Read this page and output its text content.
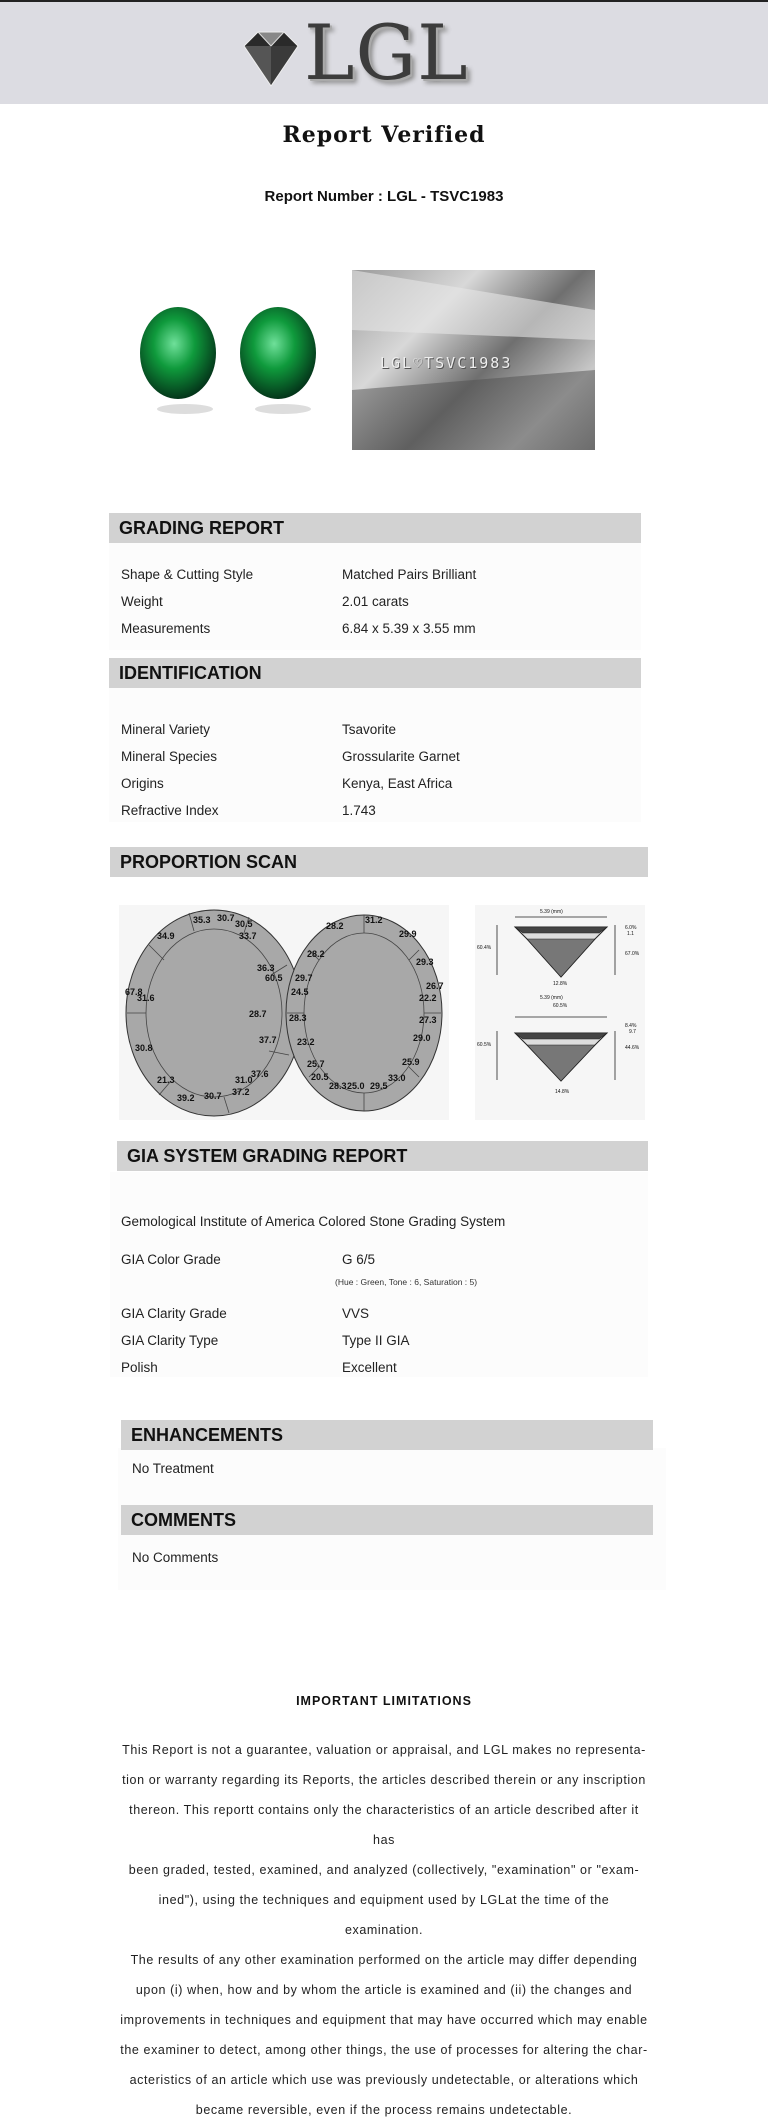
LGL
Report Verified
Report Number : LGL - TSVC1983
LGL♡TSVC1983
GRADING REPORT
Shape & Cutting Style	Matched Pairs Brilliant
Weight	2.01 carats
Measurements	6.84 x 5.39 x 3.55 mm
IDENTIFICATION
Mineral Variety	Tsavorite
Mineral Species	Grossularite Garnet
Origins	Kenya, East Africa
Refractive Index	1.743
PROPORTION SCAN
35.3 30.7
30.5
34.9	33.7
36.3
60.5
67.8
31.6
28.7
37.7
30.8
21.3	31.0
37.6
39.2 30.7 37.2
28.2
31.2
29.9
28.2
29.3
29.7
26.7
24.5
22.2
28.3	27.3
23.2	29.0
25.7	25.9
20.5	33.0
28.3 25.0 29.5
5.39 (mm)
60.4%
6.0%
1.1
67.0%
12.8%
5.39 (mm)
60.5%
60.5%
8.4%
9.7
44.6%
14.8%
GIA SYSTEM GRADING REPORT
Gemological Institute of America Colored Stone Grading System
GIA Color Grade	G 6/5
(Hue : Green, Tone : 6, Saturation : 5)
GIA Clarity Grade	VVS
GIA Clarity Type	Type II GIA
Polish	Excellent
ENHANCEMENTS
No Treatment
COMMENTS
No Comments
IMPORTANT LIMITATIONS
This Report is not a guarantee, valuation or appraisal, and LGL makes no representa-
tion or warranty regarding its Reports, the articles described therein or any inscription
thereon. This reportt contains only the characteristics of an article described after it has
been graded, tested, examined, and analyzed (collectively, "examination" or "exam-
ined"), using the techniques and equipment used by LGLat the time of the examination.
The results of any other examination performed on the article may differ depending
upon (i) when, how and by whom the article is examined and (ii) the changes and
improvements in techniques and equipment that may have occurred which may enable
the examiner to detect, among other things, the use of processes for altering the char-
acteristics of an article which use was previously undetectable, or alterations which
became reversible, even if the process remains undetectable.
